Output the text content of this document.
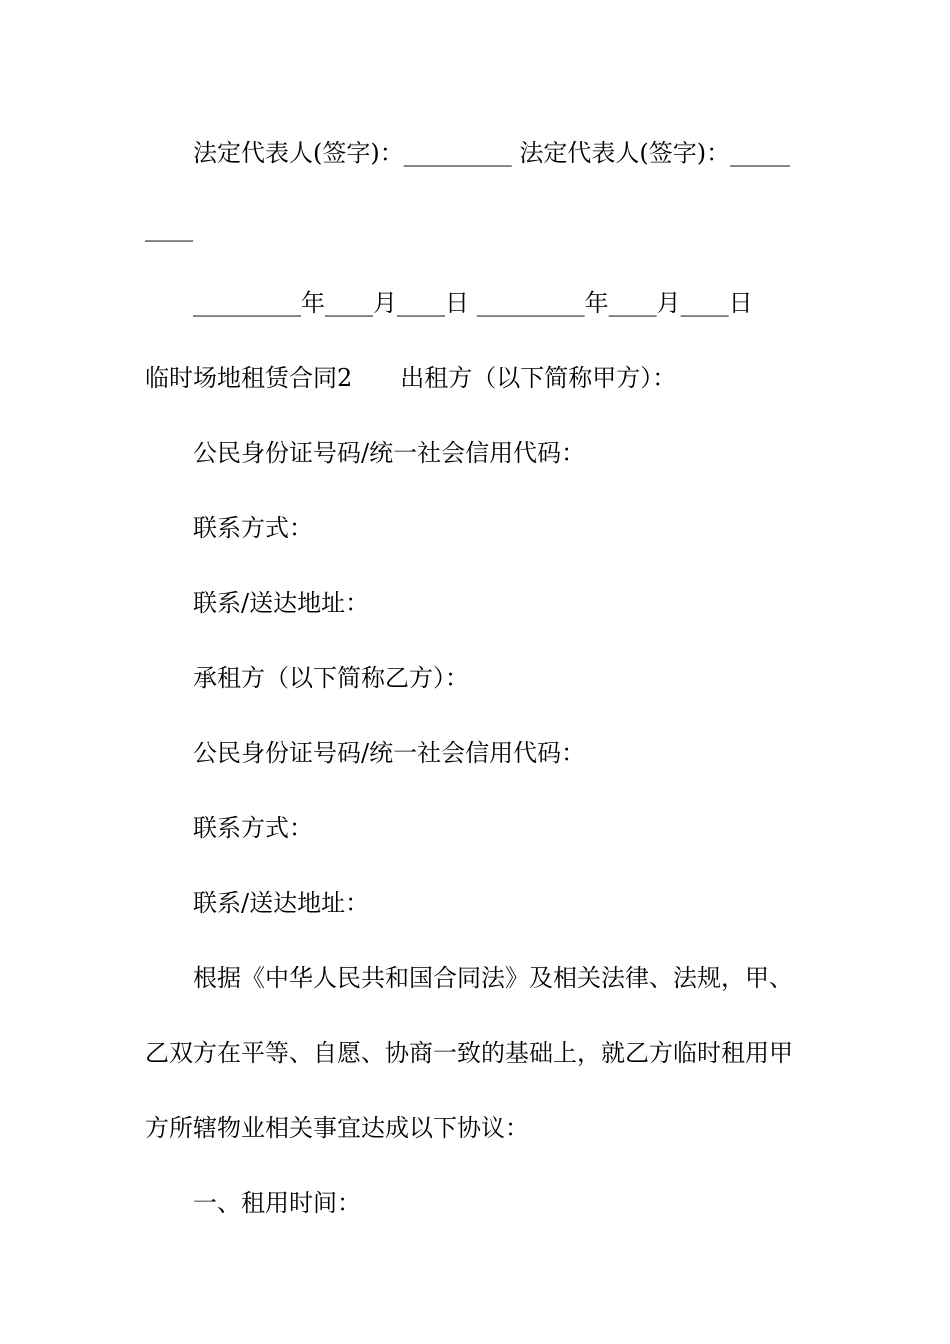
法定代表人(签字)：_________ 法定代表人(签字)：_____
____
_________年____月____日 _________年____月____日
临时场地租赁合同2 出租方（以下简称甲方）：
公民身份证号码/统一社会信用代码：
联系方式：
联系/送达地址：
承租方（以下简称乙方）：
公民身份证号码/统一社会信用代码：
联系方式：
联系/送达地址：
根据《中华人民共和国合同法》及相关法律、法规，甲、
乙双方在平等、自愿、协商一致的基础上，就乙方临时租用甲
方所辖物业相关事宜达成以下协议：
一、租用时间：
